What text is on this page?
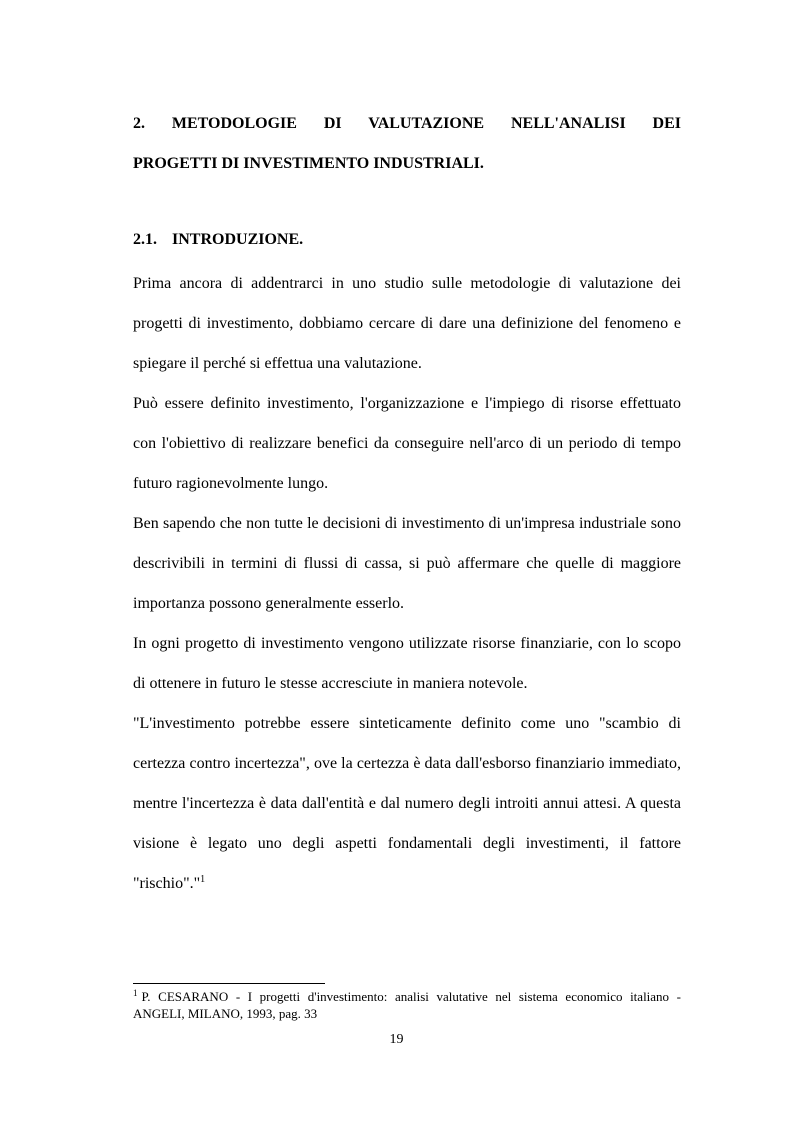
2. METODOLOGIE DI VALUTAZIONE NELL'ANALISI DEI
PROGETTI DI INVESTIMENTO INDUSTRIALI.
2.1. INTRODUZIONE.

Prima ancora di addentrarci in uno studio sulle metodologie di valutazione dei progetti di investimento, dobbiamo cercare di dare una definizione del fenomeno e spiegare il perché si effettua una valutazione.

Può essere definito investimento, l'organizzazione e l'impiego di risorse effettuato con l'obiettivo di realizzare benefici da conseguire nell'arco di un periodo di tempo futuro ragionevolmente lungo.

Ben sapendo che non tutte le decisioni di investimento di un'impresa industriale sono descrivibili in termini di flussi di cassa, si può affermare che quelle di maggiore importanza possono generalmente esserlo.

In ogni progetto di investimento vengono utilizzate risorse finanziarie, con lo scopo di ottenere in futuro le stesse accresciute in maniera notevole.

"L'investimento potrebbe essere sinteticamente definito come uno "scambio di certezza contro incertezza", ove la certezza è data dall'esborso finanziario immediato, mentre l'incertezza è data dall'entità e dal numero degli introiti annui attesi. A questa visione è legato uno degli aspetti fondamentali degli investimenti, il fattore "rischio"."$^1$

$^1$ P. CESARANO - I progetti d'investimento: analisi valutative nel sistema economico italiano - ANGELI, MILANO, 1993, pag. 33

19
